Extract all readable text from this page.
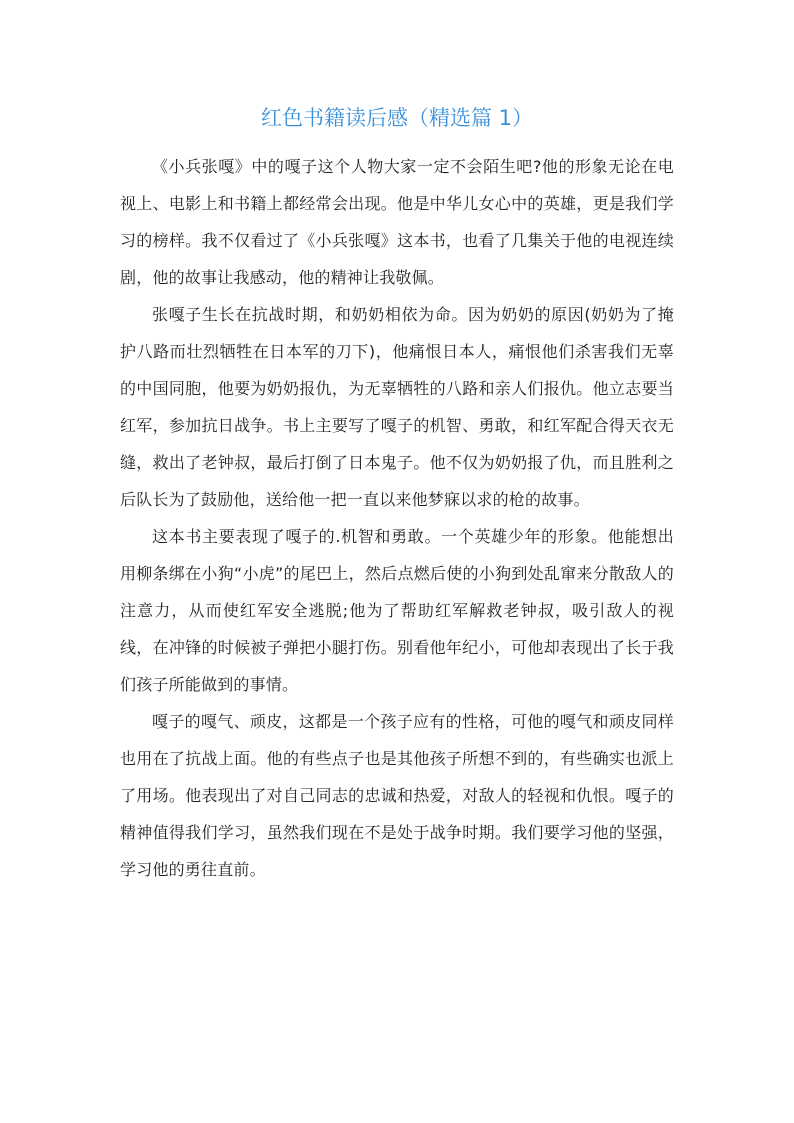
红色书籍读后感（精选篇 1）

《小兵张嘎》中的嘎子这个人物大家一定不会陌生吧?他的形象无论在电视上、电影上和书籍上都经常会出现。他是中华儿女心中的英雄，更是我们学习的榜样。我不仅看过了《小兵张嘎》这本书，也看了几集关于他的电视连续剧，他的故事让我感动，他的精神让我敬佩。

张嘎子生长在抗战时期，和奶奶相依为命。因为奶奶的原因(奶奶为了掩护八路而壮烈牺牲在日本军的刀下)，他痛恨日本人，痛恨他们杀害我们无辜的中国同胞，他要为奶奶报仇，为无辜牺牲的八路和亲人们报仇。他立志要当红军，参加抗日战争。书上主要写了嘎子的机智、勇敢，和红军配合得天衣无缝，救出了老钟叔，最后打倒了日本鬼子。他不仅为奶奶报了仇，而且胜利之后队长为了鼓励他，送给他一把一直以来他梦寐以求的枪的故事。

这本书主要表现了嘎子的.机智和勇敢。一个英雄少年的形象。他能想出用柳条绑在小狗“小虎”的尾巴上，然后点燃后使的小狗到处乱窜来分散敌人的注意力，从而使红军安全逃脱;他为了帮助红军解救老钟叔，吸引敌人的视线，在冲锋的时候被子弹把小腿打伤。别看他年纪小，可他却表现出了长于我们孩子所能做到的事情。

嘎子的嘎气、顽皮，这都是一个孩子应有的性格，可他的嘎气和顽皮同样也用在了抗战上面。他的有些点子也是其他孩子所想不到的，有些确实也派上了用场。他表现出了对自己同志的忠诚和热爱，对敌人的轻视和仇恨。嘎子的精神值得我们学习，虽然我们现在不是处于战争时期。我们要学习他的坚强，学习他的勇往直前。
